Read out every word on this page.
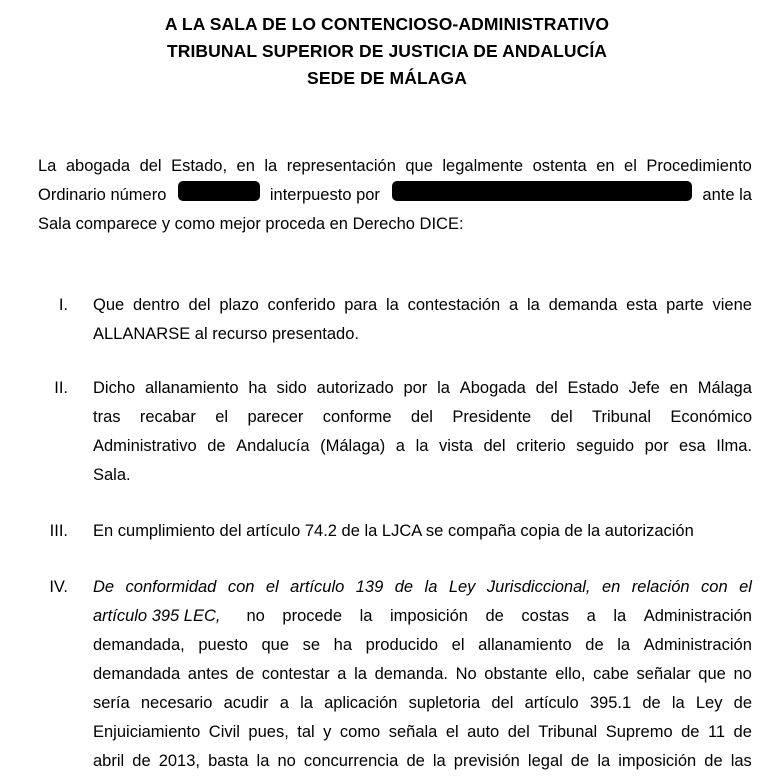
A LA SALA DE LO CONTENCIOSO-ADMINISTRATIVO
TRIBUNAL SUPERIOR DE JUSTICIA DE ANDALUCÍA
SEDE DE MÁLAGA
La abogada del Estado, en la representación que legalmente ostenta en el Procedimiento
Ordinario número	interpuesto por	ante la
Sala comparece y como mejor proceda en Derecho DICE:
I. Que dentro del plazo conferido para la contestación a la demanda esta parte viene
ALLANARSE al recurso presentado.
II. Dicho allanamiento ha sido autorizado por la Abogada del Estado Jefe en Málaga
tras recabar el parecer conforme del Presidente del Tribunal Económico
Administrativo de Andalucía (Málaga) a la vista del criterio seguido por esa Ilma.
Sala.
III. En cumplimiento del artículo 74.2 de la LJCA se compaña copia de la autorización
IV. De conformidad con el artículo 139 de la Ley Jurisdiccional, en relación con el
artículo 395 LEC, no procede la imposición de costas a la Administración
demandada, puesto que se ha producido el allanamiento de la Administración
demandada antes de contestar a la demanda. No obstante ello, cabe señalar que no
sería necesario acudir a la aplicación supletoria del artículo 395.1 de la Ley de
Enjuiciamiento Civil pues, tal y como señala el auto del Tribunal Supremo de 11 de
abril de 2013, basta la no concurrencia de la previsión legal de la imposición de las
